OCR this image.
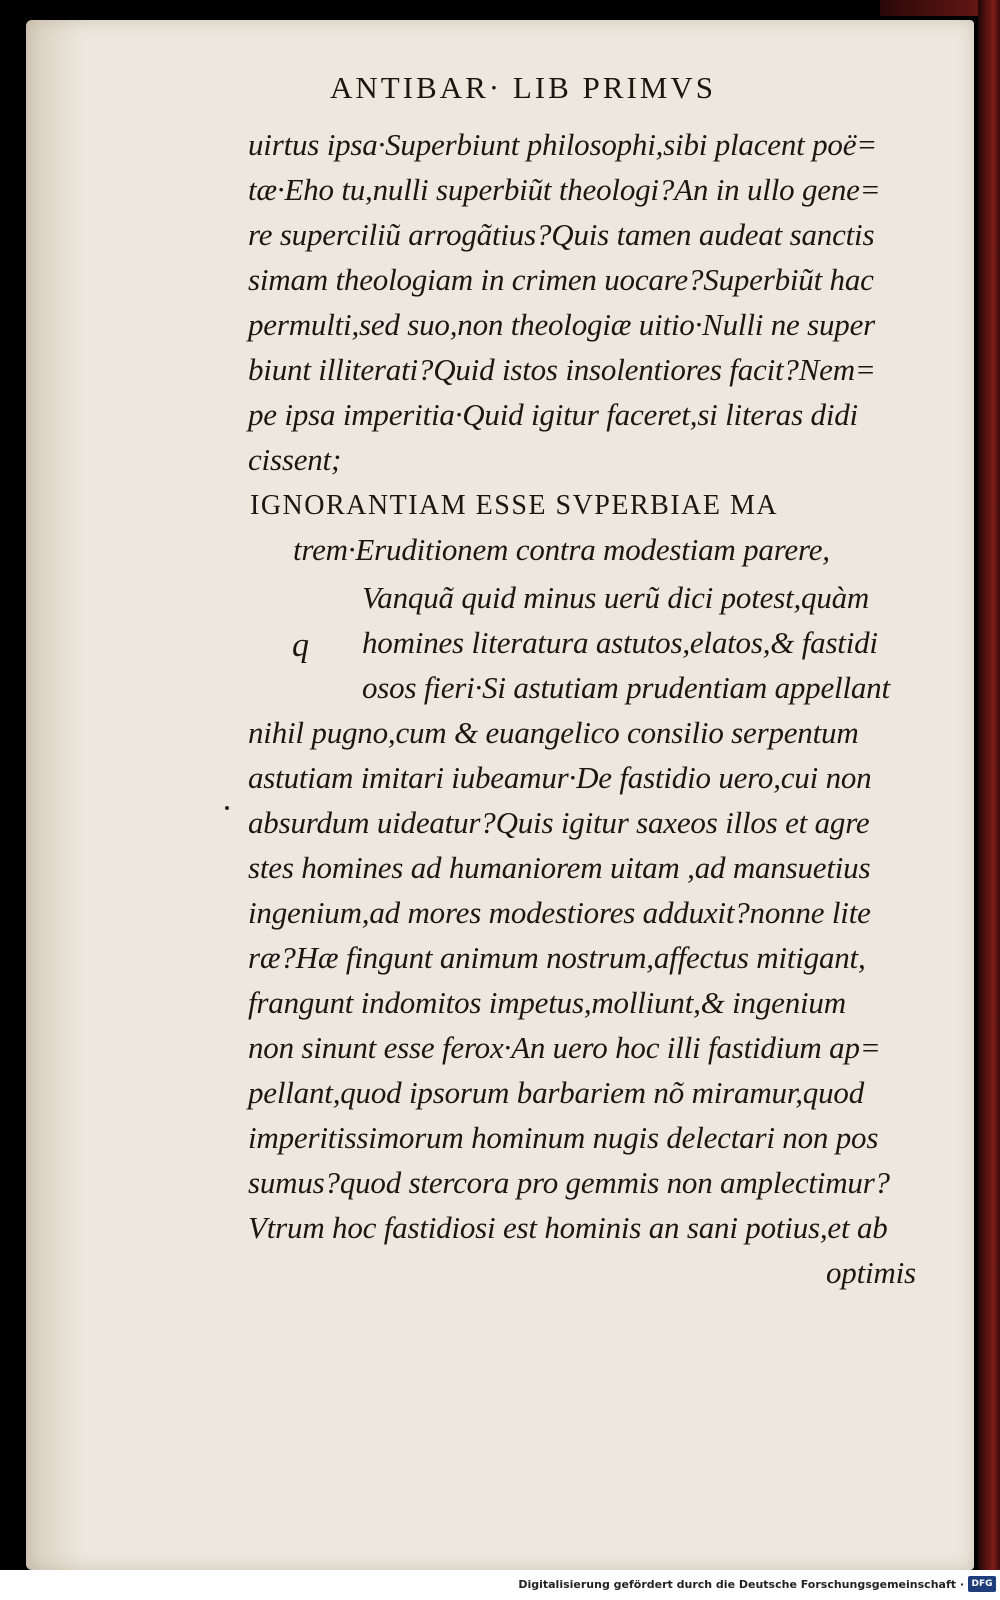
ANTIBAR· LIB PRIMVS
uirtus ipsa·Superbiunt philosophi,sibi placent poë=
tæ·Eho tu,nulli superbiũt theologi?An in ullo gene=
re superciliũ arrogãtius?Quis tamen audeat sanctis
simam theologiam in crimen uocare?Superbiũt hac
permulti,sed suo,non theologiæ uitio·Nulli ne super
biunt illiterati?Quid istos insolentiores facit?Nem=
pe ipsa imperitia·Quid igitur faceret,si literas didi
cissent;
IGNORANTIAM ESSE SVPERBIAE MA
trem·Eruditionem contra modestiam parere,
q
Vanquã quid minus uerũ dici potest,quàm
homines literatura astutos,elatos,& fastidi
osos fieri·Si astutiam prudentiam appellant
nihil pugno,cum & euangelico consilio serpentum
astutiam imitari iubeamur·De fastidio uero,cui non
absurdum uideatur?Quis igitur saxeos illos et agre
stes homines ad humaniorem uitam ,ad mansuetius
ingenium,ad mores modestiores adduxit?nonne lite
ræ?Hæ fingunt animum nostrum,affectus mitigant,
frangunt indomitos impetus,molliunt,& ingenium
non sinunt esse ferox·An uero hoc illi fastidium ap=
pellant,quod ipsorum barbariem nõ miramur,quod
imperitissimorum hominum nugis delectari non pos
sumus?quod stercora pro gemmis non amplectimur?
Vtrum hoc fastidiosi est hominis an sani potius,et ab
optimis
Digitalisierung gefördert durch die Deutsche Forschungsgemeinschaft · DFG
